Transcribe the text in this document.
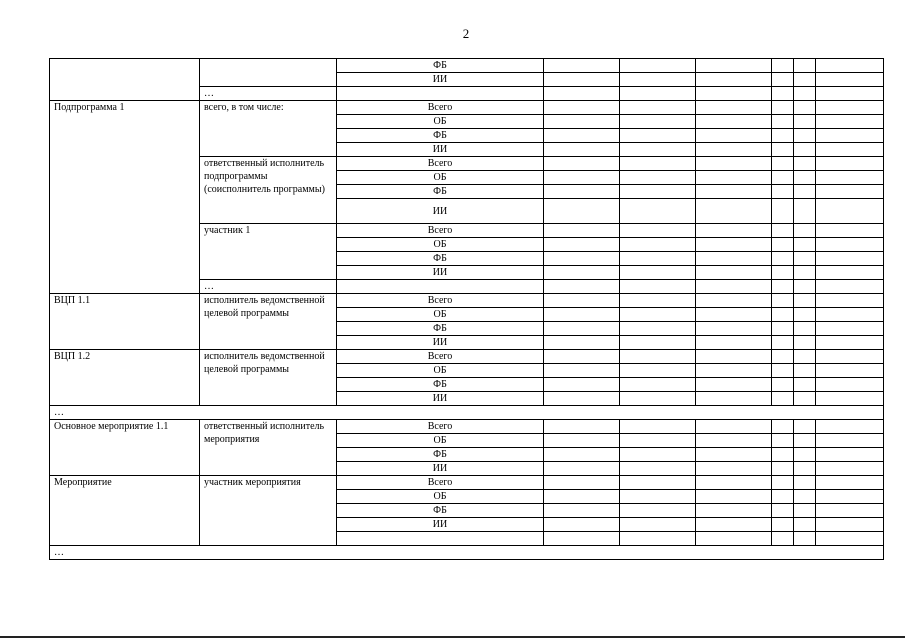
2
		ФБ						
		ИИ						
	…							
Подпрограмма 1	всего, в том числе:	Всего						
		ОБ						
		ФБ						
		ИИ						
	ответственный исполнитель подпрограммы (соисполнитель программы)	Всего						
		ОБ						
		ФБ						
		ИИ						
	участник 1	Всего						
		ОБ						
		ФБ						
		ИИ						
	…							
ВЦП 1.1	исполнитель ведомственной целевой программы	Всего						
		ОБ						
		ФБ						
		ИИ						
ВЦП 1.2	исполнитель ведомственной целевой программы	Всего						
		ОБ						
		ФБ						
		ИИ						
…								
Основное мероприятие 1.1	ответственный исполнитель мероприятия	Всего						
		ОБ						
		ФБ						
		ИИ						
Мероприятие	участник мероприятия	Всего						
		ОБ						
		ФБ						
		ИИ						

…								
